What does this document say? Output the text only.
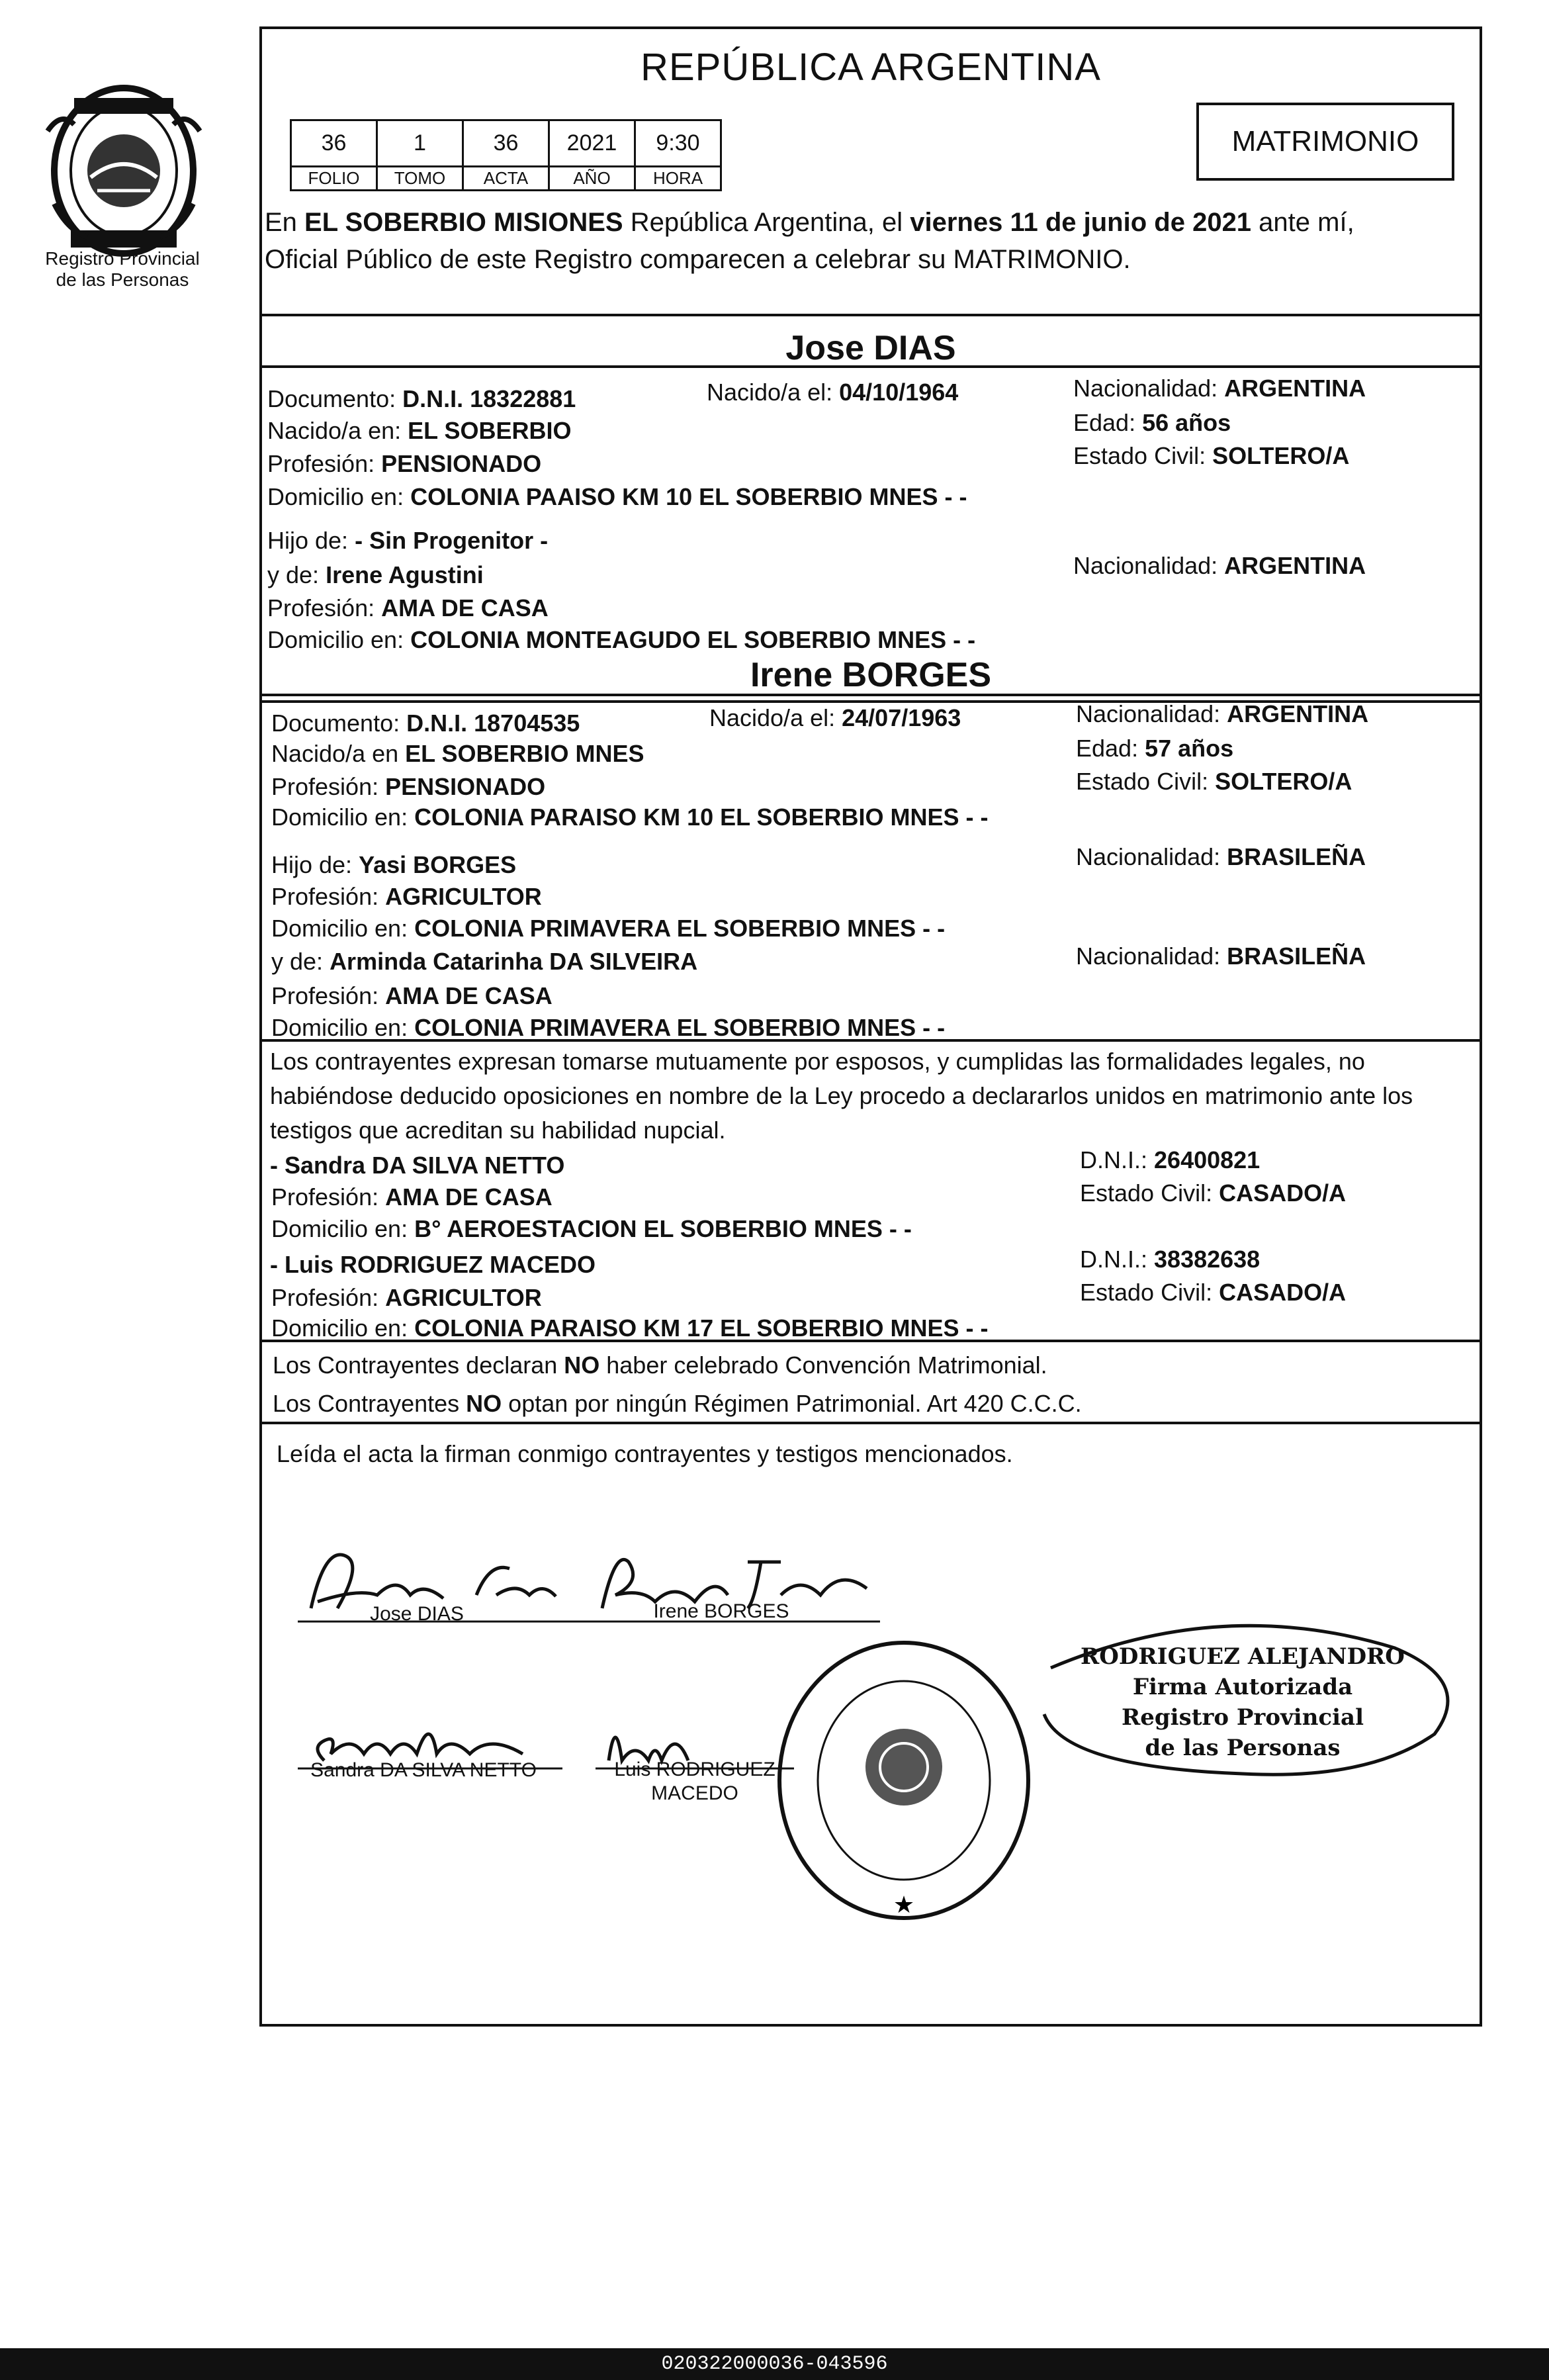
Registro Provincial
de las Personas
REPÚBLICA ARGENTINA
36	1	36	2021	9:30
FOLIO	TOMO	ACTA	AÑO	HORA
MATRIMONIO
En EL SOBERBIO MISIONES República Argentina, el viernes 11 de junio de 2021 ante mí,
Oficial Público de este Registro comparecen a celebrar su MATRIMONIO.
Jose DIAS
Documento: D.N.I. 18322881	Nacido/a el: 04/10/1964	Nacionalidad: ARGENTINA
Nacido/a en: EL SOBERBIO	Edad: 56 años
Profesión: PENSIONADO	Estado Civil: SOLTERO/A
Domicilio en: COLONIA PAAISO KM 10 EL SOBERBIO MNES - -
Hijo de: - Sin Progenitor -
y de: Irene Agustini	Nacionalidad: ARGENTINA
Profesión: AMA DE CASA
Domicilio en: COLONIA MONTEAGUDO EL SOBERBIO MNES - -
Irene BORGES
Documento: D.N.I. 18704535	Nacido/a el: 24/07/1963	Nacionalidad: ARGENTINA
Nacido/a en EL SOBERBIO MNES	Edad: 57 años
Profesión: PENSIONADO	Estado Civil: SOLTERO/A
Domicilio en: COLONIA PARAISO KM 10 EL SOBERBIO MNES - -
Hijo de: Yasi BORGES	Nacionalidad: BRASILEÑA
Profesión: AGRICULTOR
Domicilio en: COLONIA PRIMAVERA EL SOBERBIO MNES - -
y de: Arminda Catarinha DA SILVEIRA	Nacionalidad: BRASILEÑA
Profesión: AMA DE CASA
Domicilio en: COLONIA PRIMAVERA EL SOBERBIO MNES - -
Los contrayentes expresan tomarse mutuamente por esposos, y cumplidas las formalidades legales, no habiéndose deducido oposiciones en nombre de la Ley procedo a declararlos unidos en matrimonio ante los testigos que acreditan su habilidad nupcial.
- Sandra DA SILVA NETTO	D.N.I.: 26400821
Profesión: AMA DE CASA	Estado Civil: CASADO/A
Domicilio en: B° AEROESTACION EL SOBERBIO MNES - -
- Luis RODRIGUEZ MACEDO	D.N.I.: 38382638
Profesión: AGRICULTOR	Estado Civil: CASADO/A
Domicilio en: COLONIA PARAISO KM 17 EL SOBERBIO MNES - -
Los Contrayentes declaran NO haber celebrado Convención Matrimonial.
Los Contrayentes NO optan por ningún Régimen Patrimonial. Art 420 C.C.C.
Leída el acta la firman conmigo contrayentes y testigos mencionados.
Jose DIAS	Irene BORGES
Sandra DA SILVA NETTO	Luis RODRIGUEZ
MACEDO
★
RODRIGUEZ ALEJANDRO
Firma Autorizada
Registro Provincial
de las Personas
020322000036-043596
